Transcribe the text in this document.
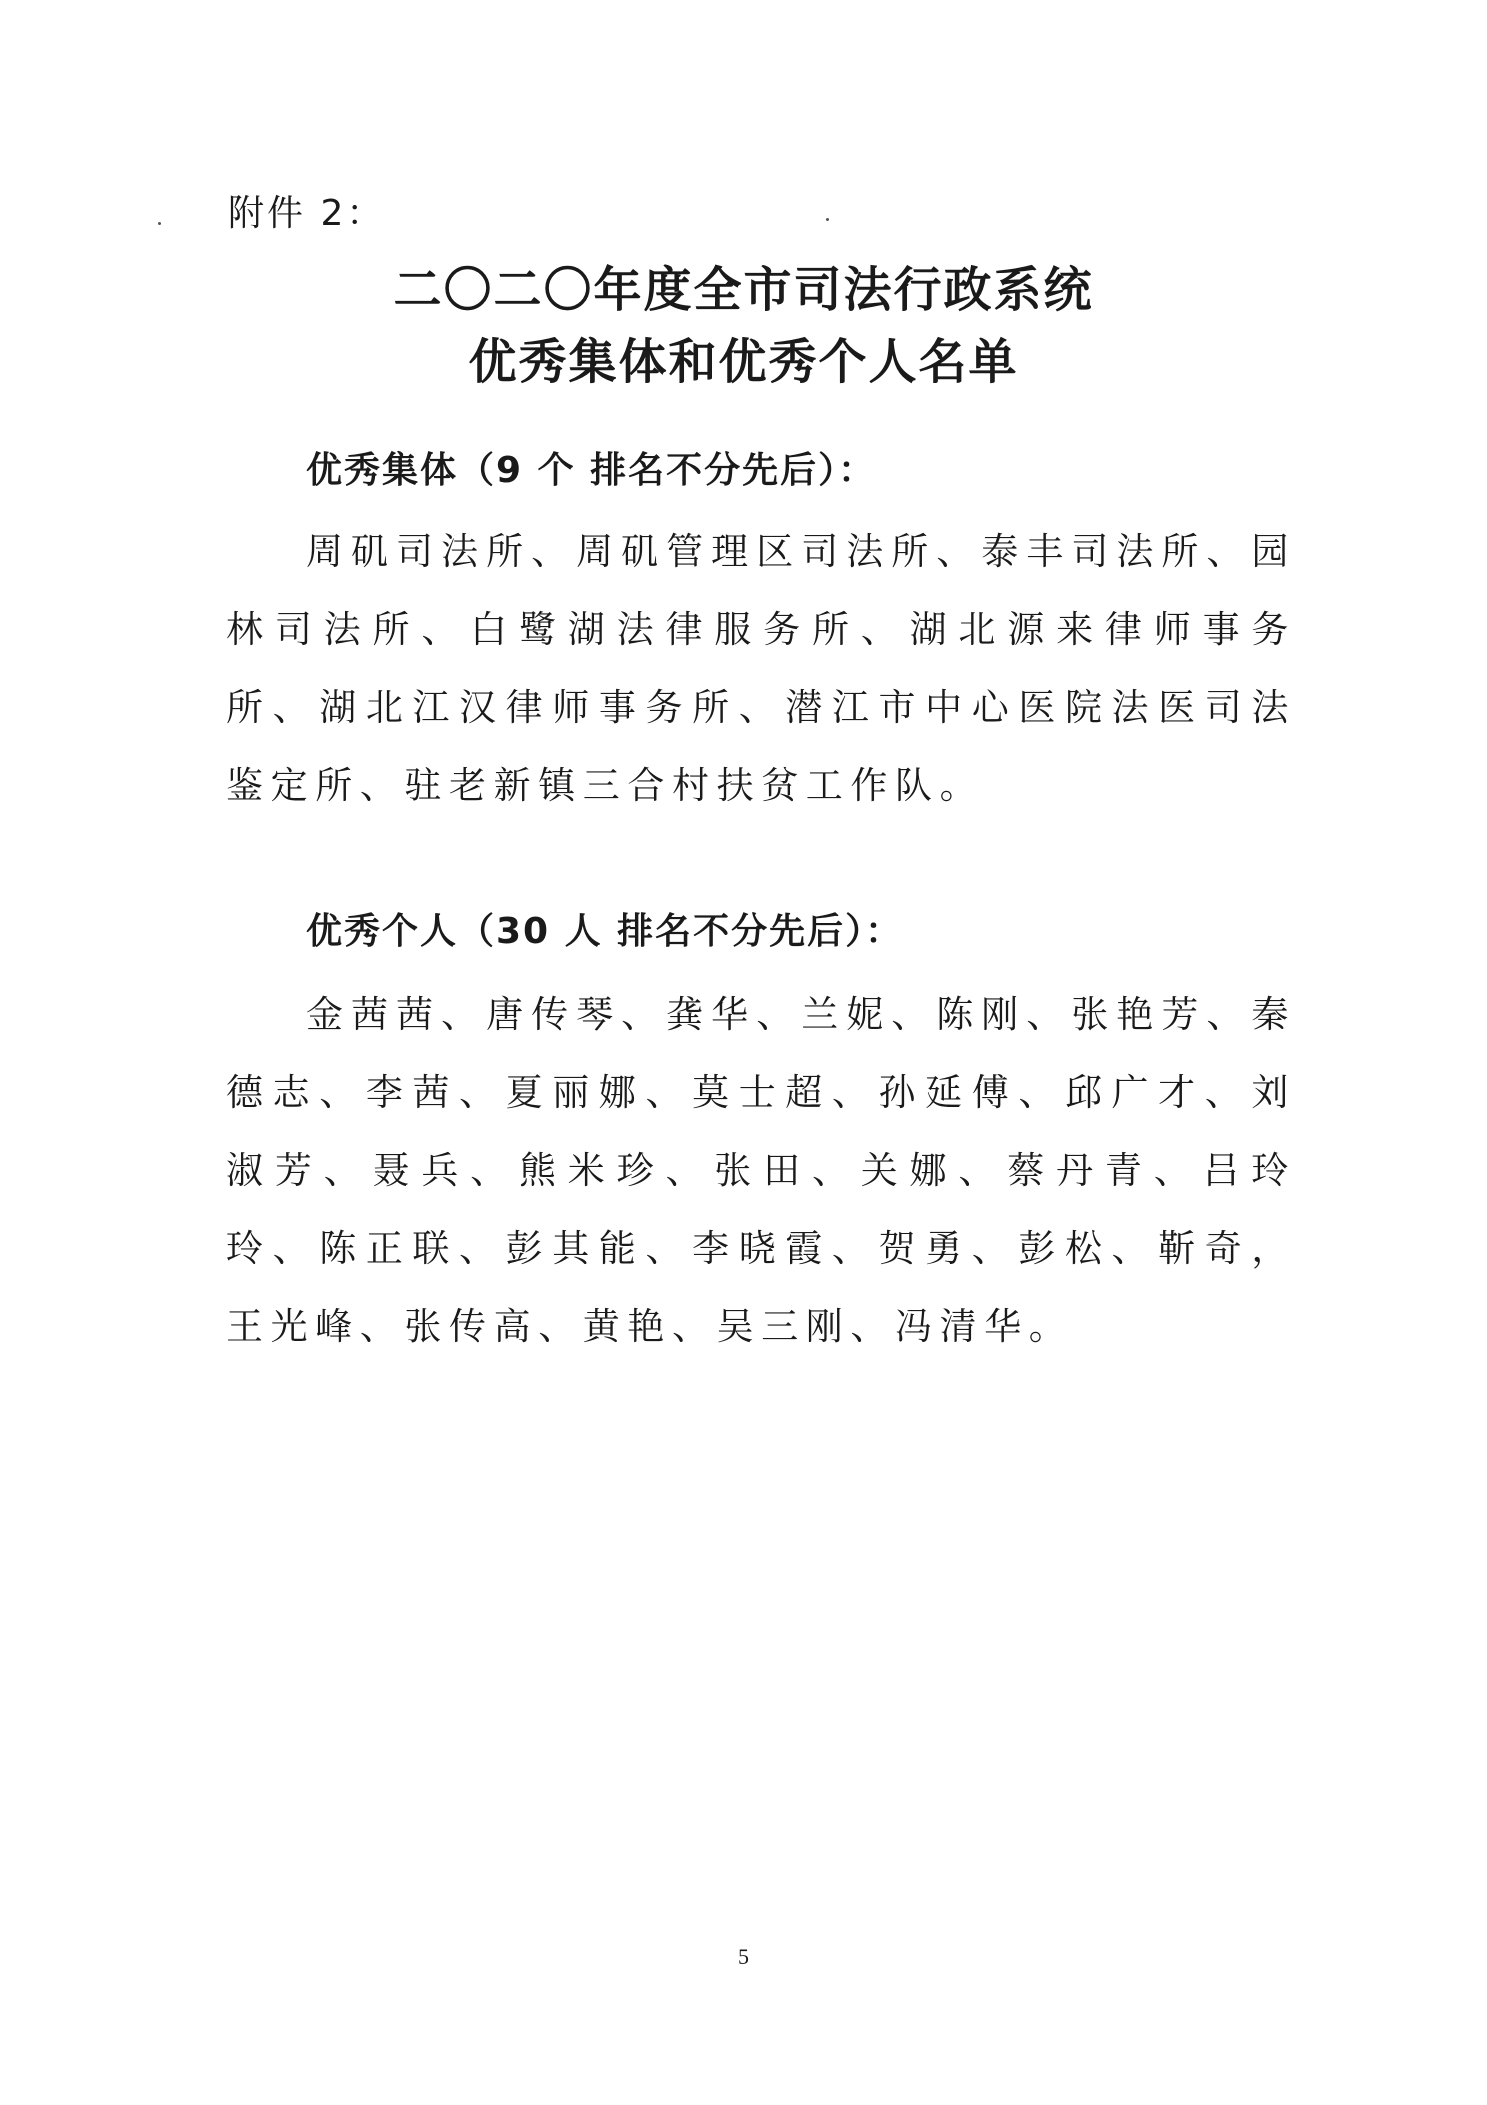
附件 2：
二〇二〇年度全市司法行政系统
优秀集体和优秀个人名单
优秀集体（9 个 排名不分先后）：
周矶司法所、周矶管理区司法所、泰丰司法所、园林司法所、白鹭湖法律服务所、湖北源来律师事务所、湖北江汉律师事务所、潜江市中心医院法医司法鉴定所、驻老新镇三合村扶贫工作队。
优秀个人（30 人 排名不分先后）：
金茜茜、唐传琴、龚华、兰妮、陈刚、张艳芳、秦德志、李茜、夏丽娜、莫士超、孙延傅、邱广才、刘淑芳、聂兵、熊米珍、张田、关娜、蔡丹青、吕玲玲、陈正联、彭其能、李晓霞、贺勇、彭松、靳奇，王光峰、张传高、黄艳、吴三刚、冯清华。
5
